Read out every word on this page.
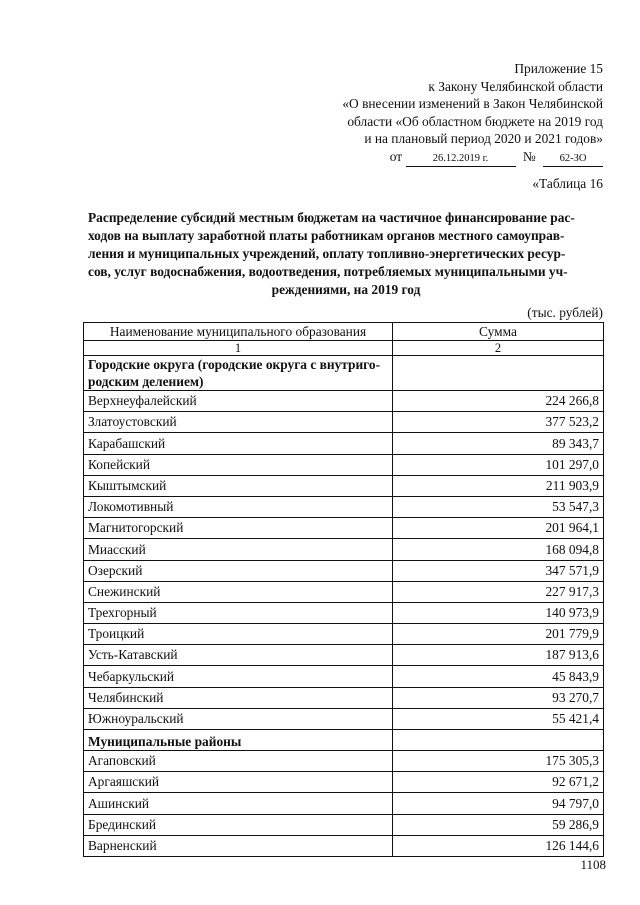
Приложение 15
к Закону Челябинской области
«О внесении изменений в Закон Челябинской
области «Об областном бюджете на 2019 год
и на плановый период 2020 и 2021 годов»
от	26.12.2019 г.	№ 62-ЗО
«Таблица 16
Распределение субсидий местным бюджетам на частичное финансирование рас-
ходов на выплату заработной платы работникам органов местного самоуправ-
ления и муниципальных учреждений, оплату топливно-энергетических ресур-
сов, услуг водоснабжения, водоотведения, потребляемых муниципальными уч-
реждениями, на 2019 год
(тыс. рублей)
Наименование муниципального образования	Сумма
1	2

Городские округа (городские округа с внутриго-
родским делением)	

Верхнеуфалейский	224 266,8
Златоустовский	377 523,2
Карабашский	89 343,7
Копейский	101 297,0
Кыштымский	211 903,9
Локомотивный	53 547,3
Магнитогорский	201 964,1
Миасский	168 094,8
Озерский	347 571,9
Снежинский	227 917,3
Трехгорный	140 973,9
Троицкий	201 779,9
Усть-Катавский	187 913,6
Чебаркульский	45 843,9
Челябинский	93 270,7
Южноуральский	55 421,4

Муниципальные районы	

Агаповский	175 305,3
Аргаяшский	92 671,2
Ашинский	94 797,0
Брединский	59 286,9
Варненский	126 144,6
1108
